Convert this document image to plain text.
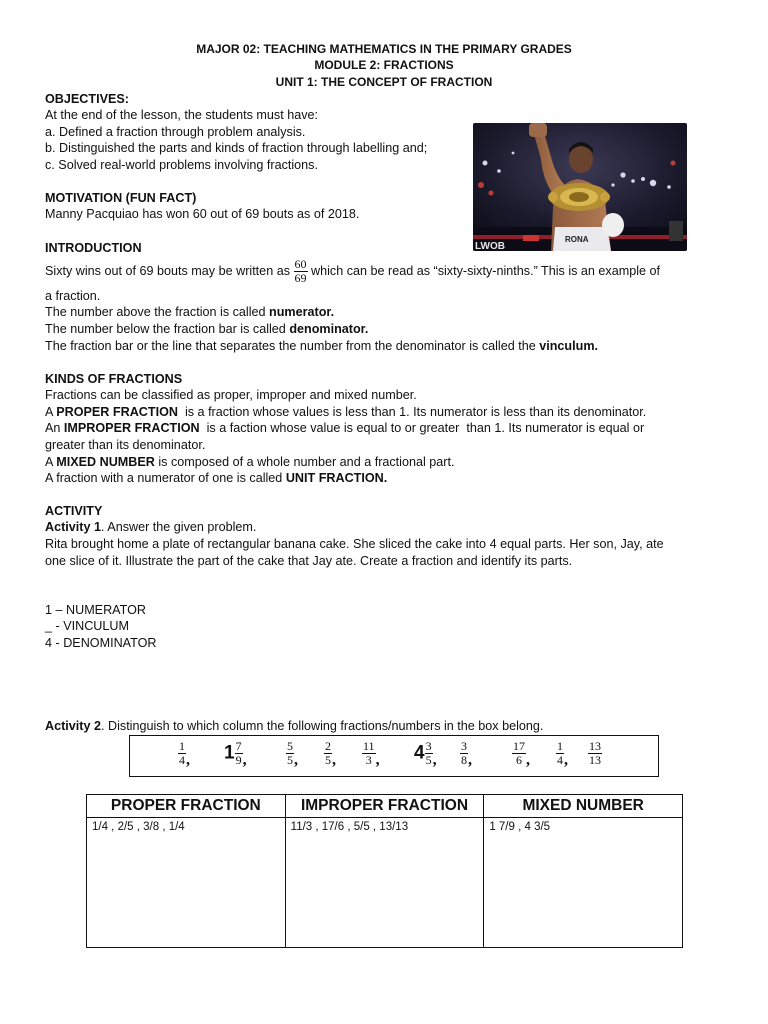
MAJOR 02: TEACHING MATHEMATICS IN THE PRIMARY GRADES
MODULE 2: FRACTIONS
UNIT 1: THE CONCEPT OF FRACTION
OBJECTIVES:
At the end of the lesson, the students must have:
a. Defined a fraction through problem analysis.
b. Distinguished the parts and kinds of fraction through labelling and;
c. Solved real-world problems involving fractions.
LWOB
RONA
MOTIVATION (FUN FACT)
Manny Pacquiao has won 60 out of 69 bouts as of 2018.
INTRODUCTION
Sixty wins out of 69 bouts may be written as $\frac{60}{69}$ which can be read as “sixty-sixty-ninths.” This is an example of
a fraction.
The number above the fraction is called numerator.
The number below the fraction bar is called denominator.
The fraction bar or the line that separates the number from the denominator is called the vinculum.
KINDS OF FRACTIONS
Fractions can be classified as proper, improper and mixed number.
A PROPER FRACTION  is a fraction whose values is less than 1. Its numerator is less than its denominator.
An IMPROPER FRACTION  is a faction whose value is equal to or greater  than 1. Its numerator is equal or
greater than its denominator.
A MIXED NUMBER is composed of a whole number and a fractional part.
A fraction with a numerator of one is called UNIT FRACTION.
ACTIVITY
Activity 1. Answer the given problem.
Rita brought home a plate of rectangular banana cake. She sliced the cake into 4 equal parts. Her son, Jay, ate
one slice of it. Illustrate the part of the cake that Jay ate. Create a fraction and identify its parts.
1 – NUMERATOR
_ - VINCULUM
4 - DENOMINATOR
Activity 2. Distinguish to which column the following fractions/numbers in the box belong.
$\frac{1}{4}$ , $1 \frac{7}{9}$ ,	$\frac{5}{5}$ , $\frac{2}{5}$ , $\frac{11}{3}$ , $4 \frac{3}{5}$ , $\frac{3}{8}$ ,	$\frac{17}{6}$ , $\frac{1}{4}$ , $\frac{13}{13}$
PROPER FRACTION	IMPROPER FRACTION	MIXED NUMBER
1/4 , 2/5 , 3/8 , 1/4	11/3 , 17/6 , 5/5 , 13/13	1 7/9 , 4 3/5
